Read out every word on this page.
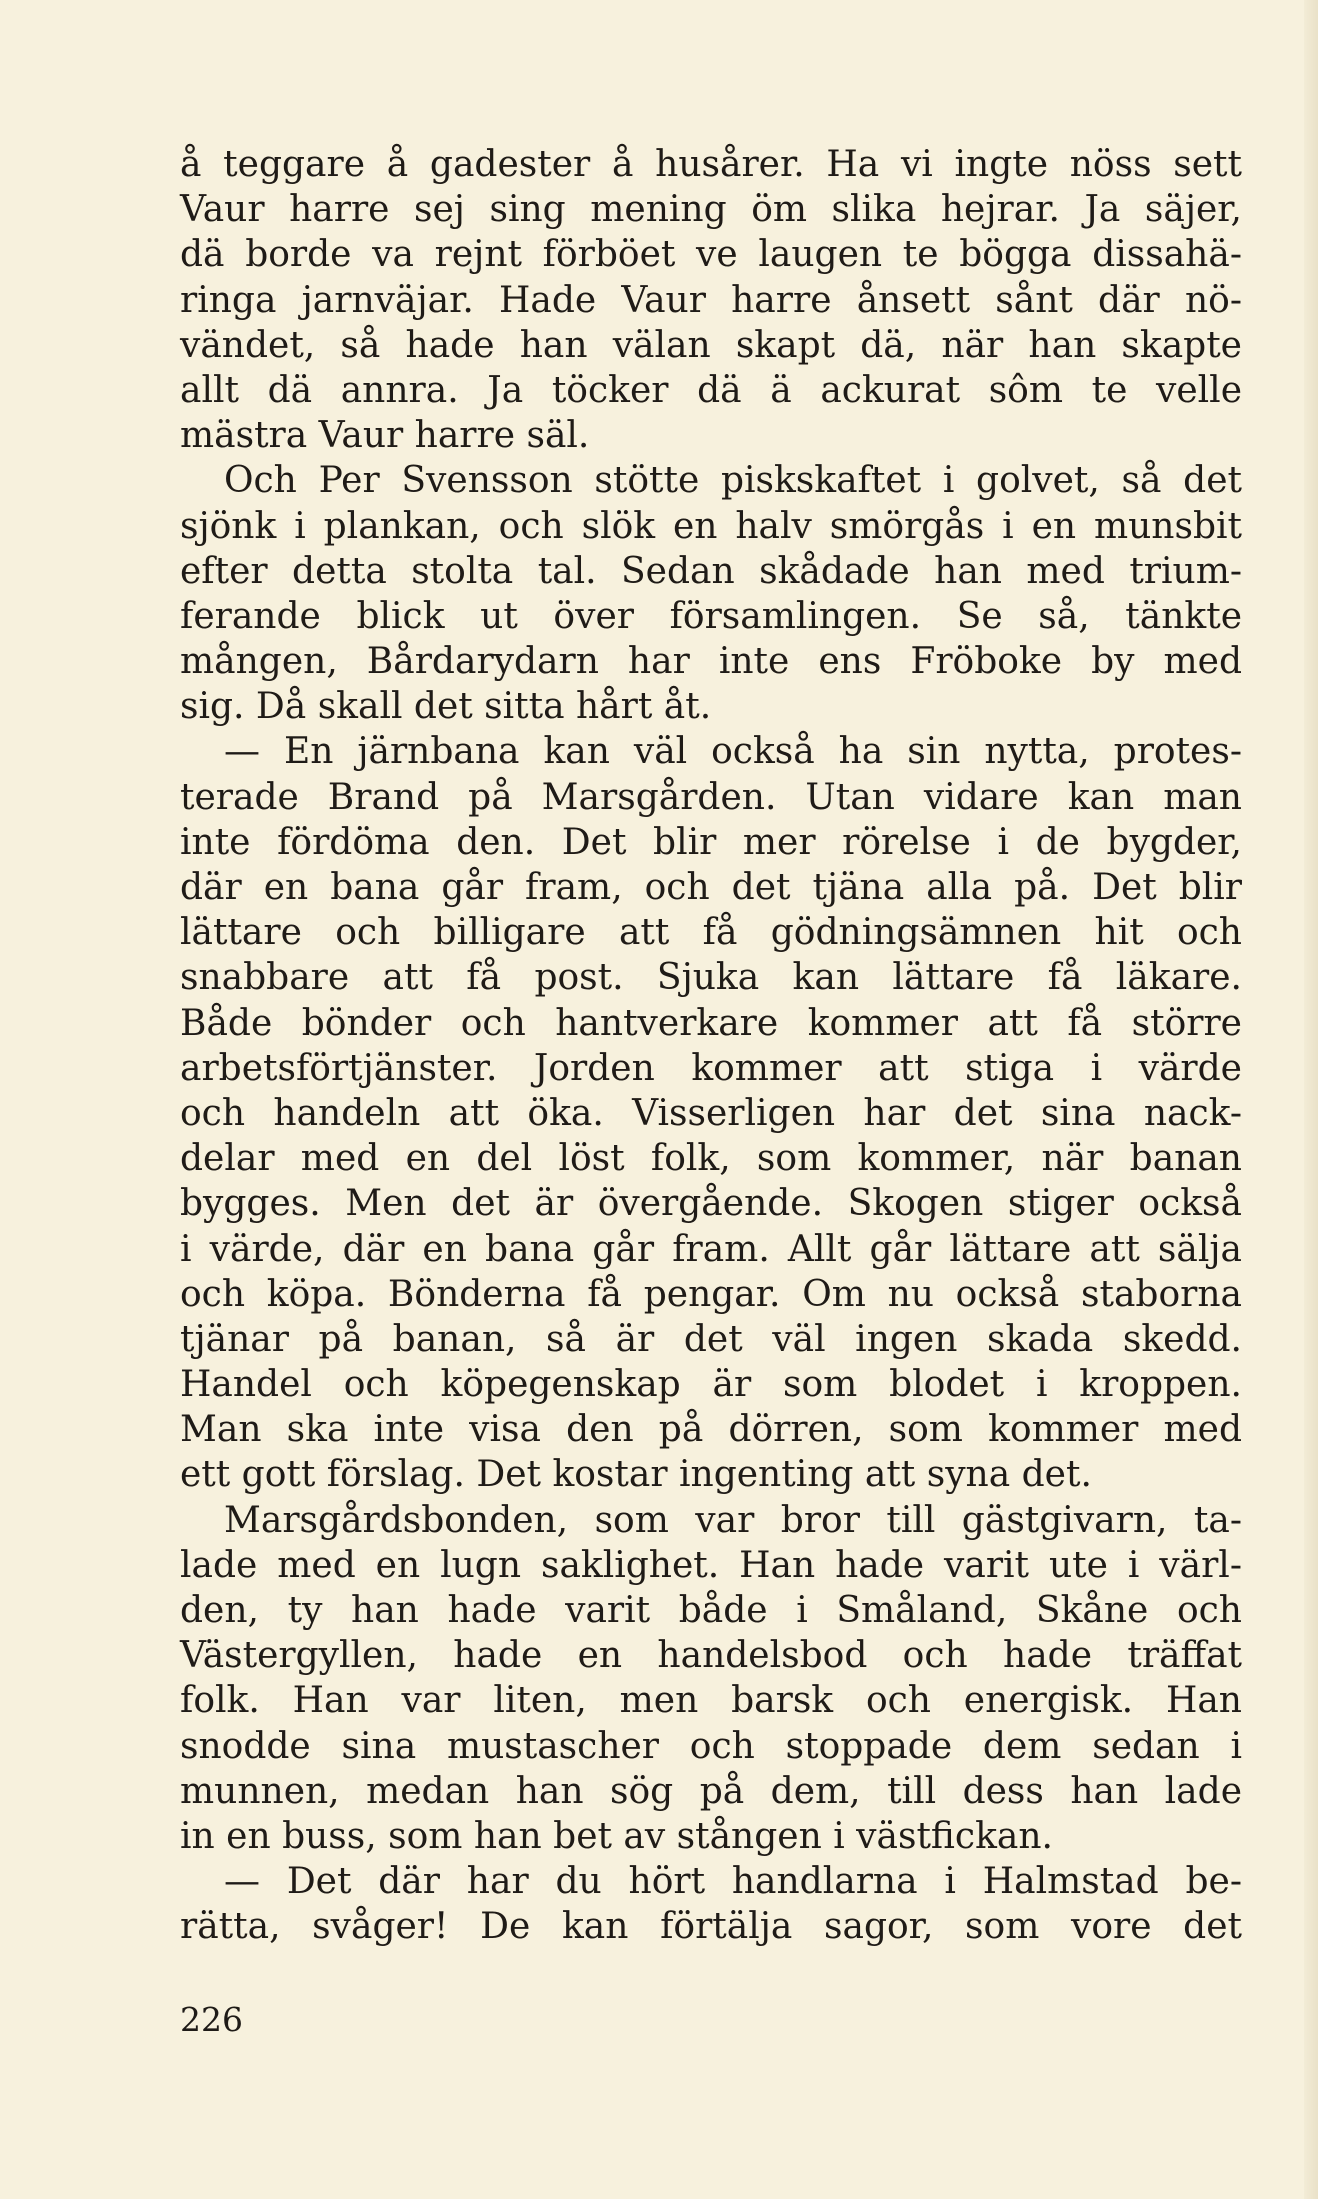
å teggare å gadester å husårer. Ha vi ingte nöss sett
Vaur harre sej sing mening öm slika hejrar. Ja säjer,
dä borde va rejnt förböet ve laugen te bögga dissahä-
ringa jarnväjar. Hade Vaur harre ånsett sånt där nö-
vändet, så hade han välan skapt dä, när han skapte
allt dä annra. Ja töcker dä ä ackurat sôm te velle
mästra Vaur harre säl.
Och Per Svensson stötte piskskaftet i golvet, så det
sjönk i plankan, och slök en halv smörgås i en munsbit
efter detta stolta tal. Sedan skådade han med trium-
ferande blick ut över församlingen. Se så, tänkte
mången, Bårdarydarn har inte ens Fröboke by med
sig. Då skall det sitta hårt åt.
— En järnbana kan väl också ha sin nytta, protes-
terade Brand på Marsgården. Utan vidare kan man
inte fördöma den. Det blir mer rörelse i de bygder,
där en bana går fram, och det tjäna alla på. Det blir
lättare och billigare att få gödningsämnen hit och
snabbare att få post. Sjuka kan lättare få läkare.
Både bönder och hantverkare kommer att få större
arbetsförtjänster. Jorden kommer att stiga i värde
och handeln att öka. Visserligen har det sina nack-
delar med en del löst folk, som kommer, när banan
bygges. Men det är övergående. Skogen stiger också
i värde, där en bana går fram. Allt går lättare att sälja
och köpa. Bönderna få pengar. Om nu också staborna
tjänar på banan, så är det väl ingen skada skedd.
Handel och köpegenskap är som blodet i kroppen.
Man ska inte visa den på dörren, som kommer med
ett gott förslag. Det kostar ingenting att syna det.
Marsgårdsbonden, som var bror till gästgivarn, ta-
lade med en lugn saklighet. Han hade varit ute i värl-
den, ty han hade varit både i Småland, Skåne och
Västergyllen, hade en handelsbod och hade träffat
folk. Han var liten, men barsk och energisk. Han
snodde sina mustascher och stoppade dem sedan i
munnen, medan han sög på dem, till dess han lade
in en buss, som han bet av stången i västfickan.
— Det där har du hört handlarna i Halmstad be-
rätta, svåger! De kan förtälja sagor, som vore det
226
